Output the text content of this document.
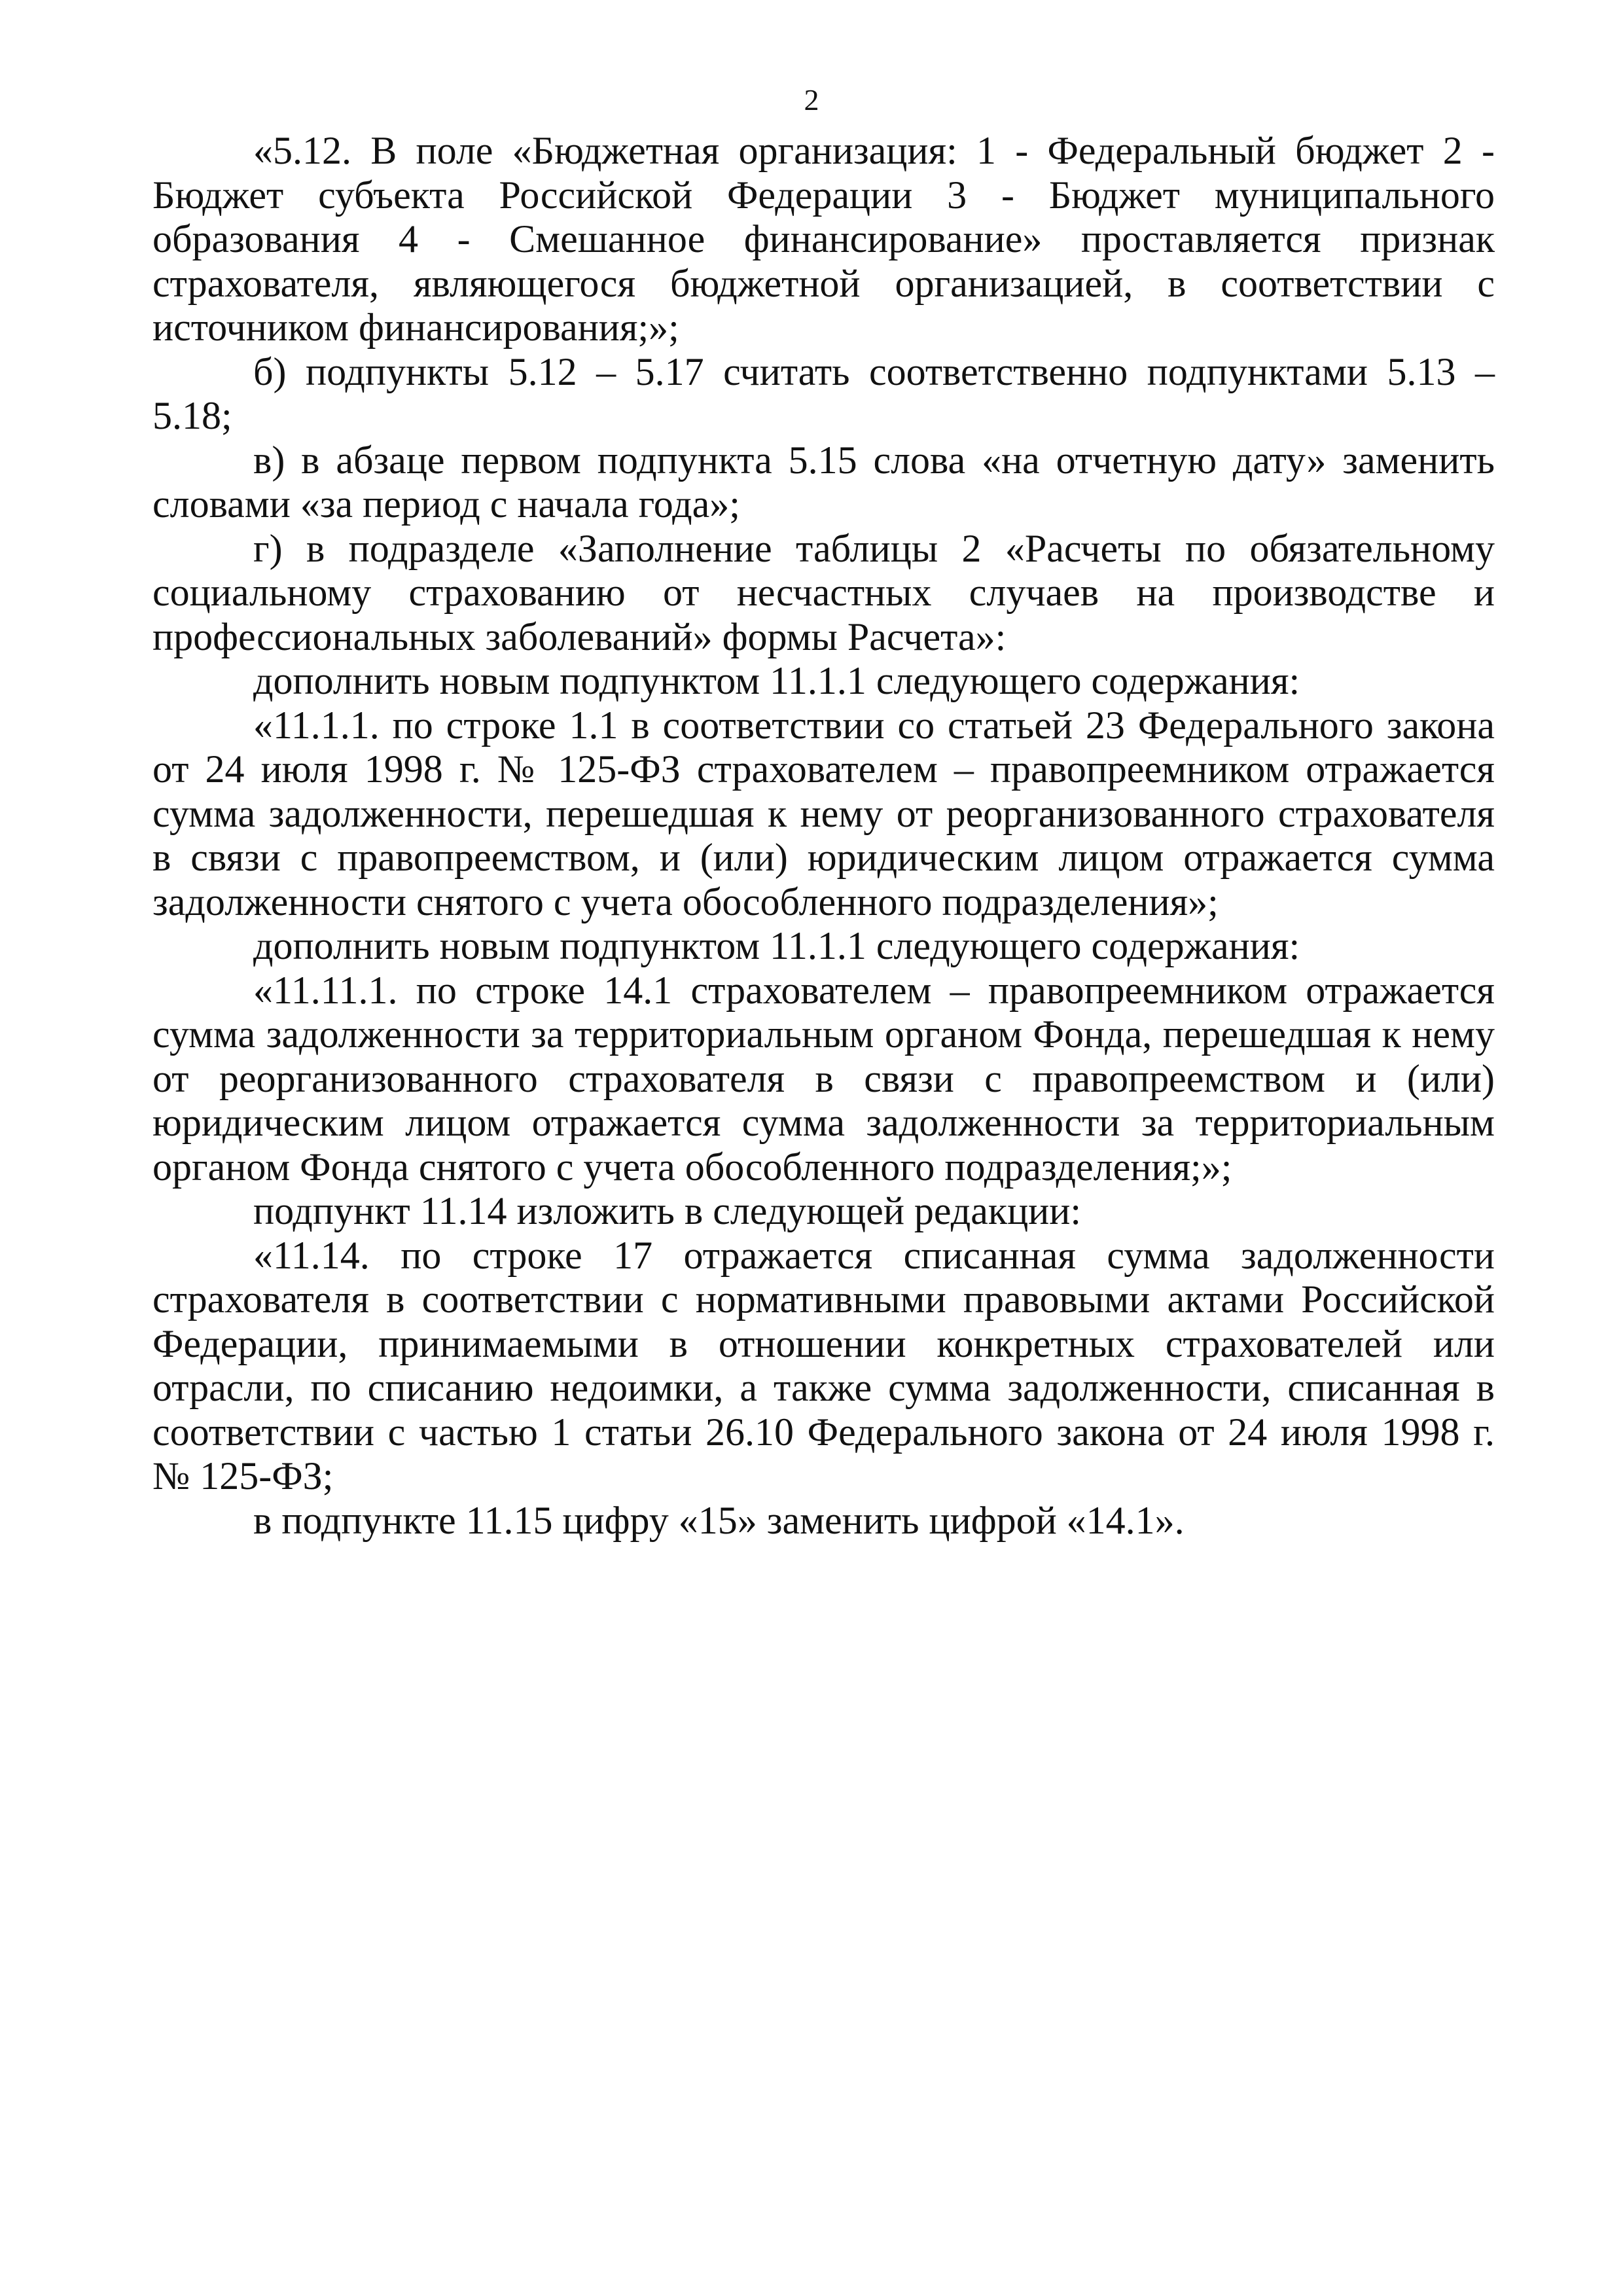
2

«5.12. В поле «Бюджетная организация: 1 - Федеральный бюджет 2 - Бюджет субъекта Российской Федерации 3 - Бюджет муниципального образования 4 - Смешанное финансирование» проставляется признак страхователя, являющегося бюджетной организацией, в соответствии с источником финансирования;»;

б) подпункты 5.12 – 5.17 считать соответственно подпунктами 5.13 – 5.18;

в) в абзаце первом подпункта 5.15 слова «на отчетную дату» заменить словами «за период с начала года»;

г) в подразделе «Заполнение таблицы 2 «Расчеты по обязательному социальному страхованию от несчастных случаев на производстве и профессиональных заболеваний» формы Расчета»:

дополнить новым подпунктом 11.1.1 следующего содержания:

«11.1.1. по строке 1.1 в соответствии со статьей 23 Федерального закона от 24 июля 1998 г. № 125-ФЗ страхователем – правопреемником отражается сумма задолженности, перешедшая к нему от реорганизованного страхователя в связи с правопреемством, и (или) юридическим лицом отражается сумма задолженности снятого с учета обособленного подразделения»;

дополнить новым подпунктом 11.1.1 следующего содержания:

«11.11.1. по строке 14.1 страхователем – правопреемником отражается сумма задолженности за территориальным органом Фонда, перешедшая к нему от реорганизованного страхователя в связи с правопреемством и (или) юридическим лицом отражается сумма задолженности за территориальным органом Фонда снятого с учета обособленного подразделения;»;

подпункт 11.14 изложить в следующей редакции:

«11.14. по строке 17 отражается списанная сумма задолженности страхователя в соответствии с нормативными правовыми актами Российской Федерации, принимаемыми в отношении конкретных страхователей или отрасли, по списанию недоимки, а также сумма задолженности, списанная в соответствии с частью 1 статьи 26.10 Федерального закона от 24 июля 1998 г. № 125-ФЗ;

в подпункте 11.15 цифру «15» заменить цифрой «14.1».
